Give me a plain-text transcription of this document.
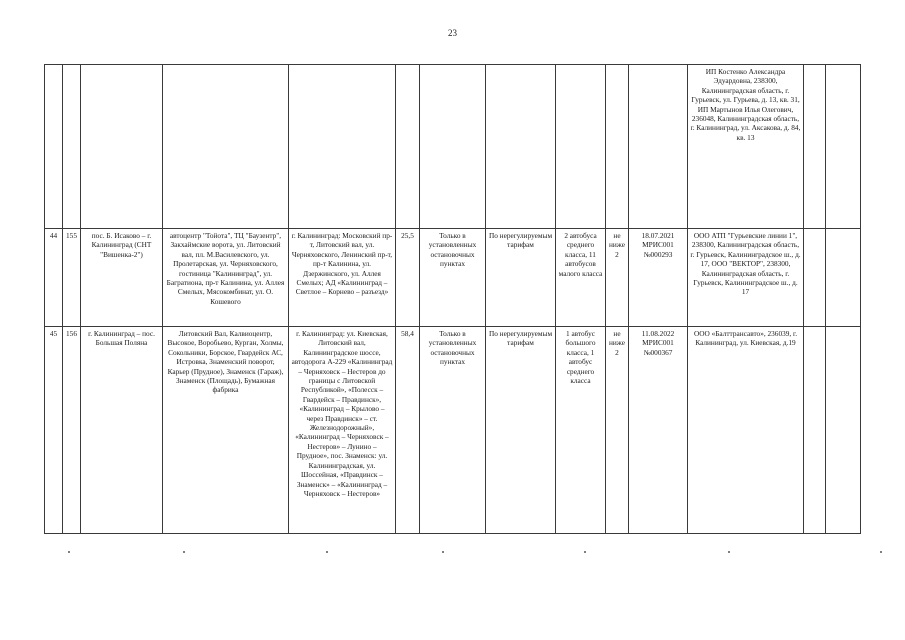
23
											ИП Костенко Александра Эдуардовна, 238300, Калининградская область, г. Гурьевск, ул. Гурьева, д. 13, кв. 31, ИП Мартынов Илья Олегович, 236048, Калининградская область, г. Калининград, ул. Аксакова, д. 84, кв. 13		
44	155	пос. Б. Исаково – г. Калининград (СНТ "Вишенка-2")	автоцентр "Тойота", ТЦ "Баузентр", Закхаймские ворота, ул. Литовский вал, пл. М.Василевского, ул. Пролетарская, ул. Черняховского, гостиница "Калининград", ул. Багратиона, пр-т Калинина, ул. Аллея Смелых, Мясокомбинат, ул. О. Кошевого	г. Калининград: Московский пр-т, Литовский вал, ул. Черняховского, Ленинский пр-т, пр-т Калинина, ул. Дзержинского, ул. Аллея Смелых; АД «Калининград – Светлое – Корнево – разъезд»	25,5	Только в установленных остановочных пунктах	По нерегулируемым тарифам	2 автобуса среднего класса, 11 автобусов малого класса	не ниже 2	18.07.2021 МРИС001 №000293	ООО АТП "Гурьевские линии 1", 238300, Калининградская область, г. Гурьевск, Калининградское ш., д. 17, ООО "ВЕКТОР", 238300, Калининградская область, г. Гурьевск, Калининградское ш., д. 17		
45	156	г. Калининград – пос. Большая Поляна	Литовский Вал, Калвиоцентр, Высокое, Воробьево, Курган, Холмы, Сокольники, Борское, Гвардейск АС, Истровка, Знаменский поворот, Карьер (Прудное), Знаменск (Гараж), Знаменск (Площадь), Бумажная фабрика	г. Калининград: ул. Киевская, Литовский вал, Калининградское шоссе, автодорога А-229 «Калининград – Черняховск – Нестеров до границы с Литовской Республикой», «Полесск – Гвардейск – Правдинск», «Калининград – Крылово – через Правдинск» – ст. Железнодорожный», «Калининград – Черняховск – Нестеров» – Лунино – Прудное», пос. Знаменск: ул. Калининградская, ул. Шоссейная, «Правдинск – Знаменск» – «Калининград – Черняховск – Нестеров»	58,4	Только в установленных остановочных пунктах	По нерегулируемым тарифам	1 автобус большого класса, 1 автобус среднего класса	не ниже 2	11.08.2022 МРИС001 №000367	ООО «Балттрансавто», 236039, г. Калининград, ул. Киевская, д.19		
